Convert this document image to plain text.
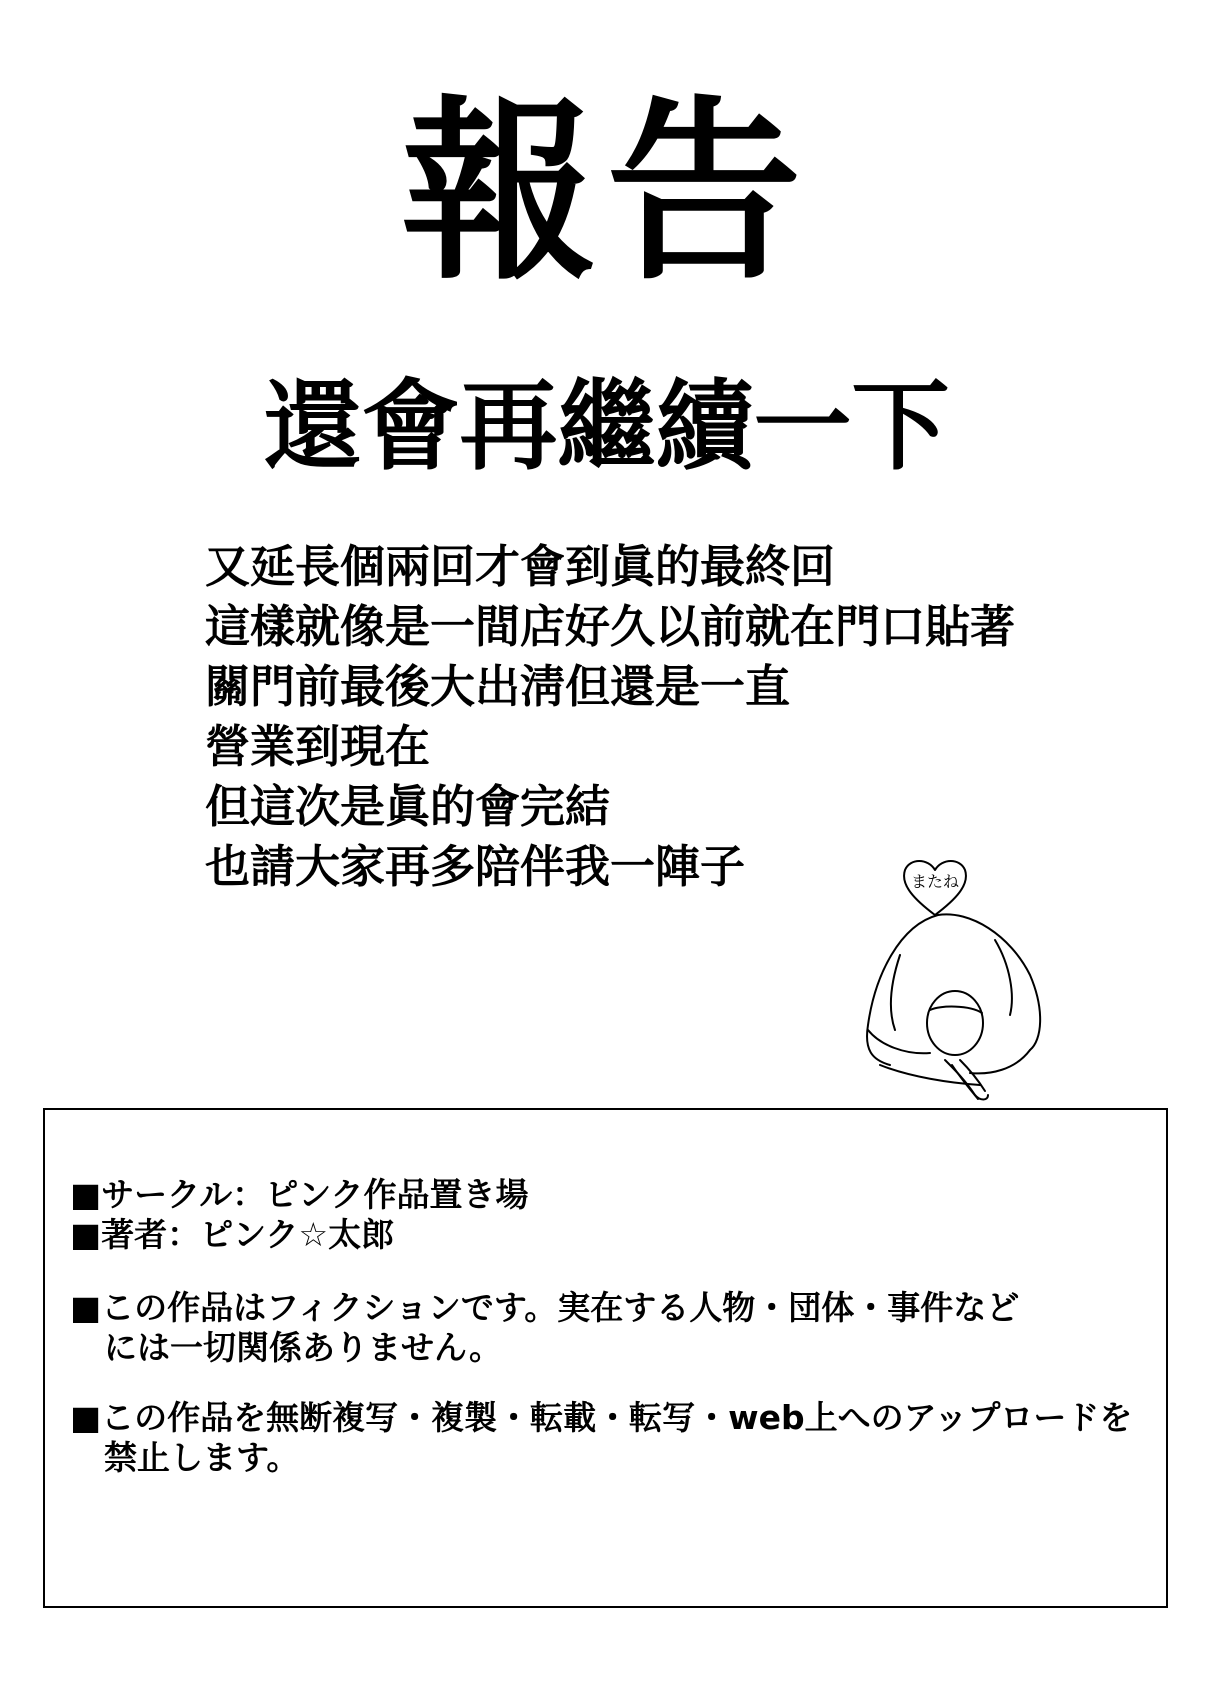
報告
還會再繼續一下
又延長個兩回才會到眞的最終回
這樣就像是一間店好久以前就在門口貼著
關門前最後大出淸但還是一直
營業到現在
但這次是眞的會完結
也請大家再多陪伴我一陣子	またね
■サークル：ピンク作品置き場
■著者：ピンク☆太郎
■この作品はフィクションです。実在する人物・団体・事件など
には一切関係ありません。
■この作品を無断複写・複製・転載・転写・web上へのアップロードを
禁止します。
